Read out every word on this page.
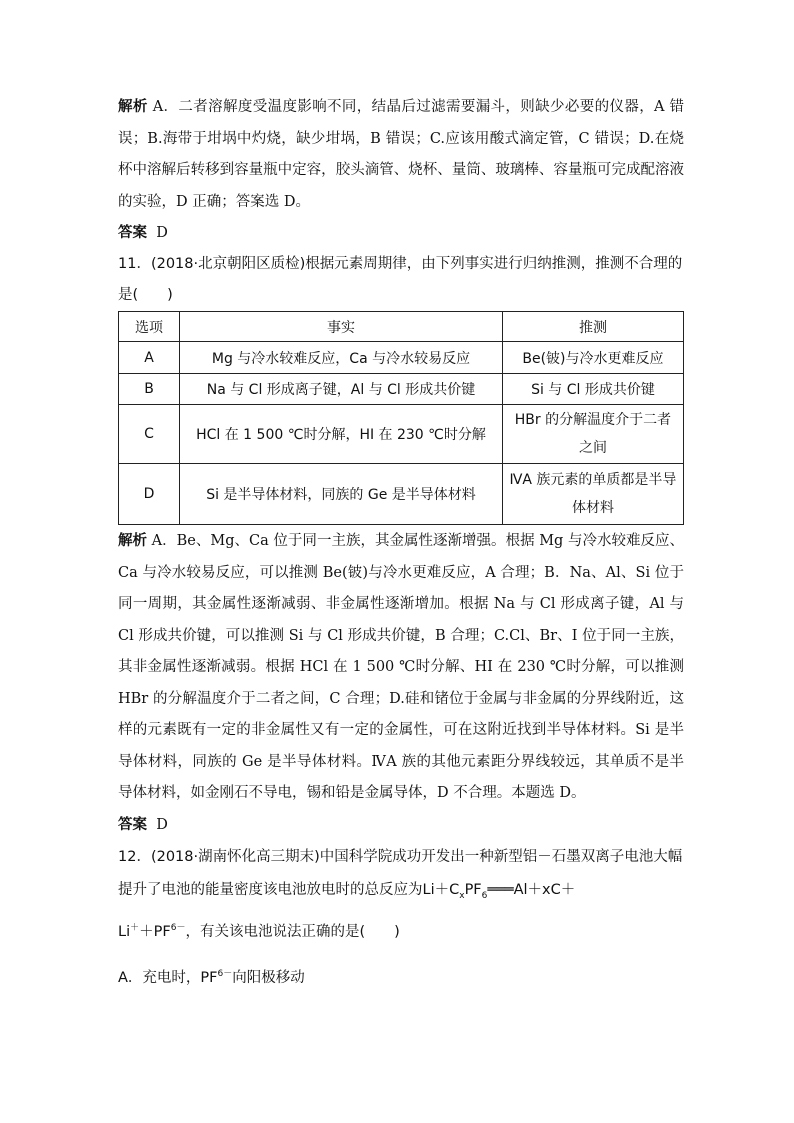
解析 A．二者溶解度受温度影响不同，结晶后过滤需要漏斗，则缺少必要的仪器，A 错误；B.海带于坩埚中灼烧，缺少坩埚，B 错误；C.应该用酸式滴定管，C 错误；D.在烧杯中溶解后转移到容量瓶中定容，胶头滴管、烧杯、量筒、玻璃棒、容量瓶可完成配溶液的实验，D 正确；答案选 D。

答案 D

11．(2018·北京朝阳区质检)根据元素周期律，由下列事实进行归纳推测，推测不合理的是(　　)

选项	事实	推测
A	Mg 与冷水较难反应，Ca 与冷水较易反应	Be(铍)与冷水更难反应
B	Na 与 Cl 形成离子键，Al 与 Cl 形成共价键	Si 与 Cl 形成共价键
C	HCl 在 1 500 ℃时分解，HI 在 230 ℃时分解	HBr 的分解温度介于二者之间
D	Si 是半导体材料，同族的 Ge 是半导体材料	ⅣA 族元素的单质都是半导体材料

解析 A．Be、Mg、Ca 位于同一主族，其金属性逐渐增强。根据 Mg 与冷水较难反应、Ca 与冷水较易反应，可以推测 Be(铍)与冷水更难反应，A 合理；B．Na、Al、Si 位于同一周期，其金属性逐渐减弱、非金属性逐渐增加。根据 Na 与 Cl 形成离子键，Al 与 Cl 形成共价键，可以推测 Si 与 Cl 形成共价键，B 合理；C.Cl、Br、I 位于同一主族，其非金属性逐渐减弱。根据 HCl 在 1 500 ℃时分解、HI 在 230 ℃时分解，可以推测 HBr 的分解温度介于二者之间，C 合理；D.硅和锗位于金属与非金属的分界线附近，这样的元素既有一定的非金属性又有一定的金属性，可在这附近找到半导体材料。Si 是半导体材料，同族的 Ge 是半导体材料。ⅣA 族的其他元素距分界线较远，其单质不是半导体材料，如金刚石不导电，锡和铅是金属导体，D 不合理。本题选 D。

答案 D

12．(2018·湖南怀化高三期末)中国科学院成功开发出一种新型铝－石墨双离子电池大幅提升了电池的能量密度该电池放电时的总反应为$Li+C_xPF_6═══Al+xC+$
$Li^++PF^{6-}$，有关该电池说法正确的是(　　)

A．充电时，$PF^{6-}$向阳极移动
